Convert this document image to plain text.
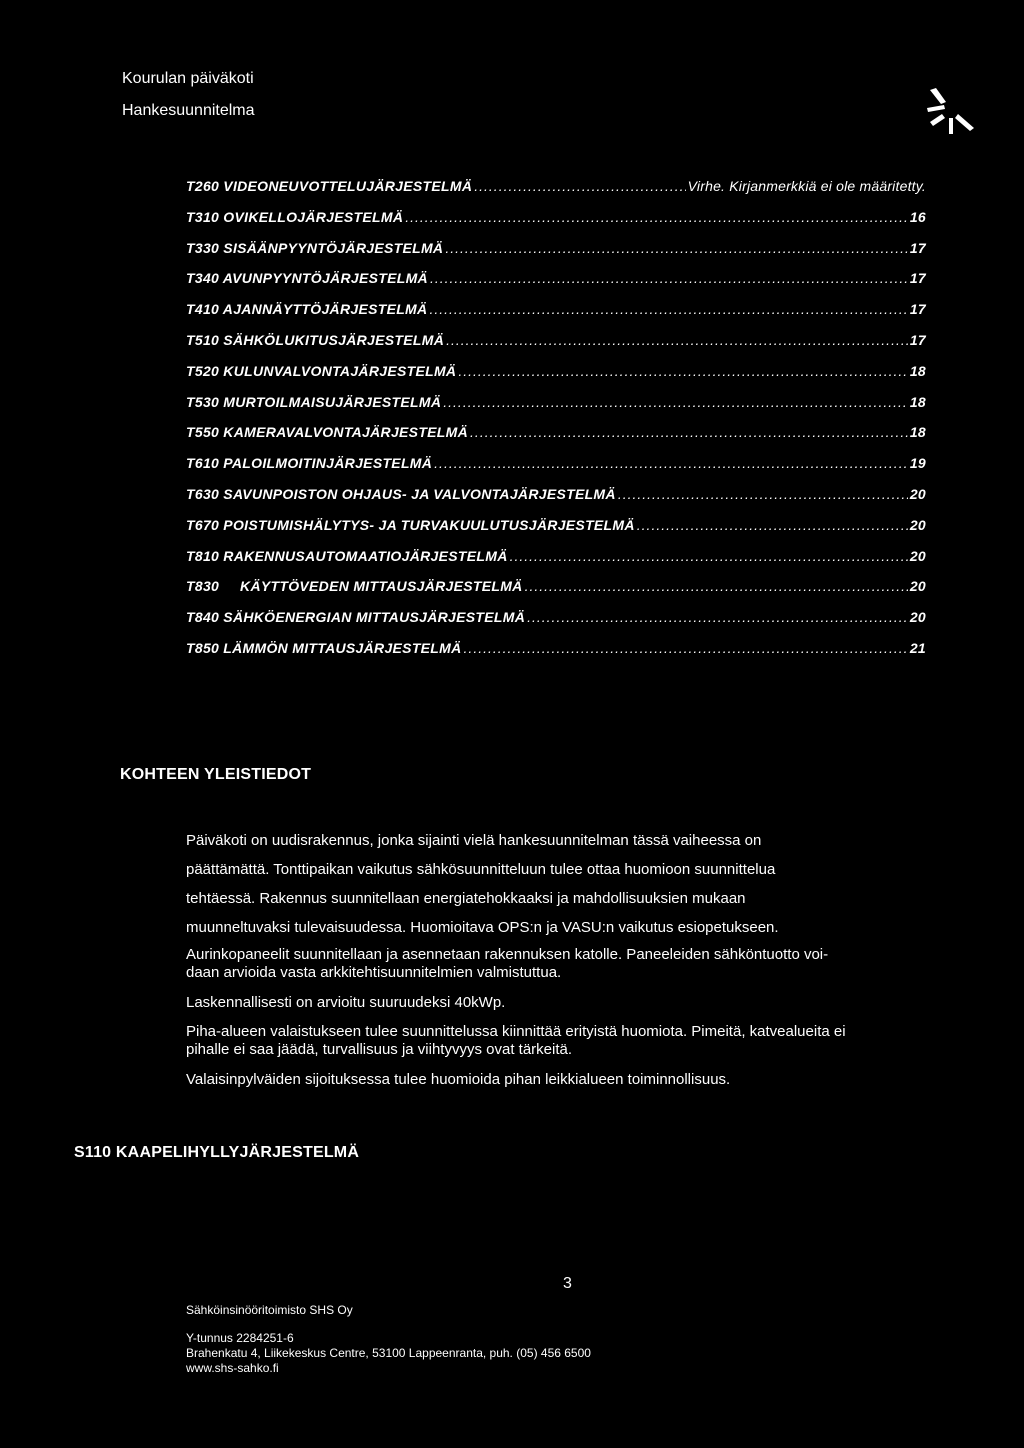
Kourulan päiväkoti
Hankesuunnitelma
T260 VIDEONEUVOTTELUJÄRJESTELMÄ .....	Virhe. Kirjanmerkkiä ei ole määritetty.
T310 OVIKELLOJÄRJESTELMÄ .....	16
T330 SISÄÄNPYYNTÖJÄRJESTELMÄ .....	17
T340 AVUNPYYNTÖJÄRJESTELMÄ .....	17
T410 AJANNÄYTTÖJÄRJESTELMÄ .....	17
T510 SÄHKÖLUKITUSJÄRJESTELMÄ .....	17
T520 KULUNVALVONTAJÄRJESTELMÄ .....	18
T530 MURTOILMAISUJÄRJESTELMÄ .....	18
T550 KAMERAVALVONTAJÄRJESTELMÄ .....	18
T610 PALOILMOITINJÄRJESTELMÄ .....	19
T630 SAVUNPOISTON OHJAUS- JA VALVONTAJÄRJESTELMÄ .....	20
T670 POISTUMISHÄLYTYS- JA TURVAKUULUTUSJÄRJESTELMÄ .....	20
T810 RAKENNUSAUTOMAATIOJÄRJESTELMÄ .....	20
T830     KÄYTTÖVEDEN MITTAUSJÄRJESTELMÄ .....	20
T840 SÄHKÖENERGIAN MITTAUSJÄRJESTELMÄ .....	20
T850 LÄMMÖN MITTAUSJÄRJESTELMÄ .....	21
KOHTEEN YLEISTIEDOT

Päiväkoti on uudisrakennus, jonka sijainti vielä hankesuunnitelman tässä vaiheessa on

päättämättä. Tonttipaikan vaikutus sähkösuunnitteluun tulee ottaa huomioon suunnittelua

tehtäessä. Rakennus suunnitellaan energiatehokkaaksi ja mahdollisuuksien mukaan

muunneltuvaksi tulevaisuudessa. Huomioitava OPS:n ja VASU:n vaikutus esiopetukseen.

Aurinkopaneelit suunnitellaan ja asennetaan rakennuksen katolle. Paneeleiden sähköntuotto voi-
daan arvioida vasta arkkitehtisuunnitelmien valmistuttua.

Laskennallisesti on arvioitu suuruudeksi 40kWp.

Piha-alueen valaistukseen tulee suunnittelussa kiinnittää erityistä huomiota. Pimeitä, katvealueita ei
pihalle ei saa jäädä, turvallisuus ja viihtyvyys ovat tärkeitä.

Valaisinpylväiden sijoituksessa tulee huomioida pihan leikkialueen toiminnollisuus.

S110 KAAPELIHYLLYJÄRJESTELMÄ
3
Sähköinsinööritoimisto SHS Oy
Y-tunnus 2284251-6
Brahenkatu 4, Liikekeskus Centre, 53100 Lappeenranta, puh. (05) 456 6500
www.shs-sahko.fi
